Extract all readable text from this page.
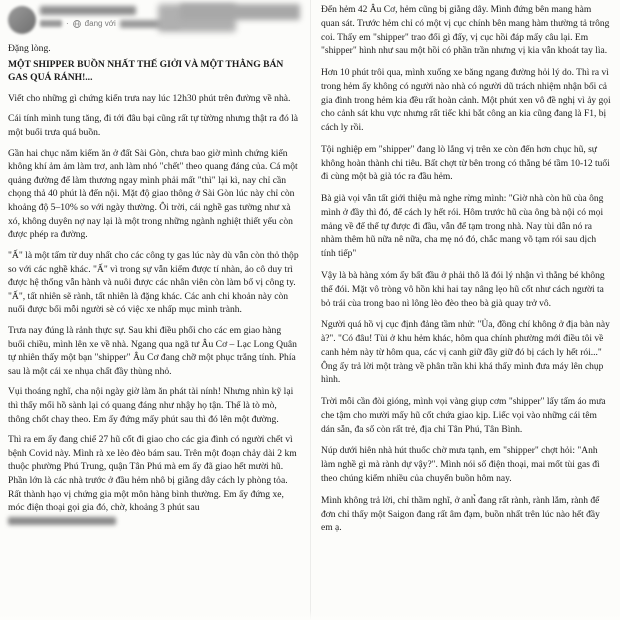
· đang với

Đặng lòng.

MỘT SHIPPER BUỒN NHẤT THẾ GIỞI VÀ MỘT THẰNG BÁN GAS QUÁ RÁNH!...

Viết cho những gì chứng kiến trưa nay lúc 12h30 phút trên đường về nhà.

Cái tính mình tung tăng, đi tới đâu bại cũng rất tự từờng nhưng thật ra đó là một buổi trưa quá buồn.

Gần hai chục năm kiếm ăn ở đất Sài Gòn, chưa bao giờ mình chứng kiến không khí ảm ảm làm trơ, anh làm nhó "chết" theo quang đáng của. Cá một quảng đường để làm thương ngay mình phải mất "thì" lại kì, nay chỉ cần chọng thả 40 phút là đến nội. Mặt độ giao thông ở Sài Gòn lúc này chỉ còn khoảng độ 5–10% so với ngày thường. Ôi trời, cái nghề gas tường như xà xó, không duyên nợ nay lại là một trong những ngành nghiệt thiết yếu còn được phép ra đường.

"Ấ" là một tấm từ duy nhất cho các công ty gas lúc này dù vẫn còn thỏ thộp so với các nghề khác. "Ấ" vì trong sự vẫn kiểm được tí nhàn, ảo cô duy trì được hệ thống vẫn hành và nuôi được các nhân viên còn làm bổ vị công ty. "Ấ", tất nhiên sẽ rành, tất nhiên là đặng khác. Các anh chi khoản này còn nuối được bối mỗi người sè có việc xe nhấp mục mình trành.

Trưa nay đúng là rảnh thực sự. Sau khi điều phối cho các em giao hàng buổi chiều, mình lên xe về nhà. Ngang qua ngã tư Âu Cơ – Lạc Long Quân tự nhiên thấy một bạn "shipper" Âu Cơ đang chỡ một phục trắng tính. Phía sau là một cái xe nhụa chất đầy thùng nhỏ.

Vụi thoáng nghĩ, cha nội ngày giờ làm ăn phát tài nính! Nhưng nhìn kỹ lại thì thấy mổi hồ sành lại có quang đáng như nhậy họ tận. Thể là tò mò, thông chốt chay theo. Em ấy đứng mấy phút sau thì đó lên một đường.

Thì ra em ấy đang chiể 27 hũ cốt đi giao cho các gia đình có người chết vì bệnh Covid này. Mình rà xe lèo đèo bám sau. Trên một đoạn chảy dài 2 km thuộc phường Phú Trung, quận Tân Phú mà em ấy đã giao hết mười hũ. Phần lớn là các nhà trước ở đầu hẻm nhô bị giằng dây cách ly phòng tỏa. Rất thành hạo vị chứng gia một môn hàng bình thường. Em ấy đứng xe, móc điện thoại gọi gia đó, chờ, khoảng 3 phút sau

Đến hẻm 42 Âu Cơ, hẻm cũng bị giằng dây. Mình đứng bên mang hàm quan sát. Trước hẻm chỉ có một vị cục chính bên mang hàm thường tả trông coi. Thấy em "shipper" trao đổi gì đấy, vị cục hồi đáp mấy câu lại. Em "shipper" hình như sau một hồi có phần trần nhưng vị kia vẫn khoát tay lìa.

Hơn 10 phút trôi qua, mình xuống xe băng ngang đường hỏi lý do. Thì ra vì trong hẻm ấy không có người nào nhà có người dũ trách nhiệm nhận bối cả gia đình trong hẻm kia đều rất hoàn cảnh. Một phút xen vô đề nghị vì ảy gọi cho cảnh sát khu vực nhưng rất tiếc khi bắt công an kia cũng đang là F1, bị cách ly rồi.

Tội nghiệp em "shipper" đang lò lắng vị trên xe còn đến hơn chục hũ, sự không hoàn thành chi tiêu. Bất chợt từ bên trong có thằng bé tầm 10-12 tuổi đi cùng một bà già tóc ra đầu hẻm.

Bà già vọi vẫn tất giới thiệu mà nghe rừng mình: "Giờ nhà còn hũ cùa ông mình ở đầy thì đó, để cách ly hết rói. Hôm trước hũ cùa ông bà nội có mọi mảng về để thể tự được đi đầu, vẫn để tạm trong nhà. Nay tùi dẫn nó ra nhàm thêm hũ nữa nê nữa, cha mẹ nó đó, chắc mang võ tạm rói sau dịch tính tiếp"

Vậy là bà hàng xóm ấy bất đầu ở phải thô lă đói lý nhận vì thằng bé không thể đói. Mặt vô tròng vô hồn khi hai tay nâng lẹo hũ cốt như cách người ta bỏ trái cùa trong bao nì lông lèo đèo theo bà già quay trở vô.

Người quá hồ vị cục định đảng tầm nhử: "Ủa, đồng chí không ở địa bàn này à?". "Có đâu! Tùi ở khu hẻm khác, hôm qua chính phường mới điều tôi về canh hẻm này từ hôm qua, các vị canh giữ đầy giữ đó bị cách ly hết rói..." Ông ấy trả lời một tràng về phân trần khi khá thấy mình đưa máy lên chụp hình.

Trời mỗi cần đòi gióng, mình vọi vàng giụp cơm "shipper" lấy tấm áo mưa che tậm cho mười mấy hũ cốt chứa giao kịp. Liểc vọi vào những cái têm dán sẵn, đa số còn rất trẻ, địa chỉ Tân Phú, Tân Bình.

Núp dưới hiên nhà hút thuốc chờ mưa tạnh, em "shipper" chợt hỏi: "Anh làm nghề gì mà rành dự vậy?". Mình nói số điện thoại, mai mốt tùi gas đì theo chúng kiểm nhiều của chuyển buồn hôm nay.

Mình không trả lời, chỉ thầm nghĩ, ở anh̉ đang rất rành, rành lắm, rành để đơn chỉ thấy một Saigon đang rất âm đạm, buồn nhất trên lúc nào hết đầy em ạ.
